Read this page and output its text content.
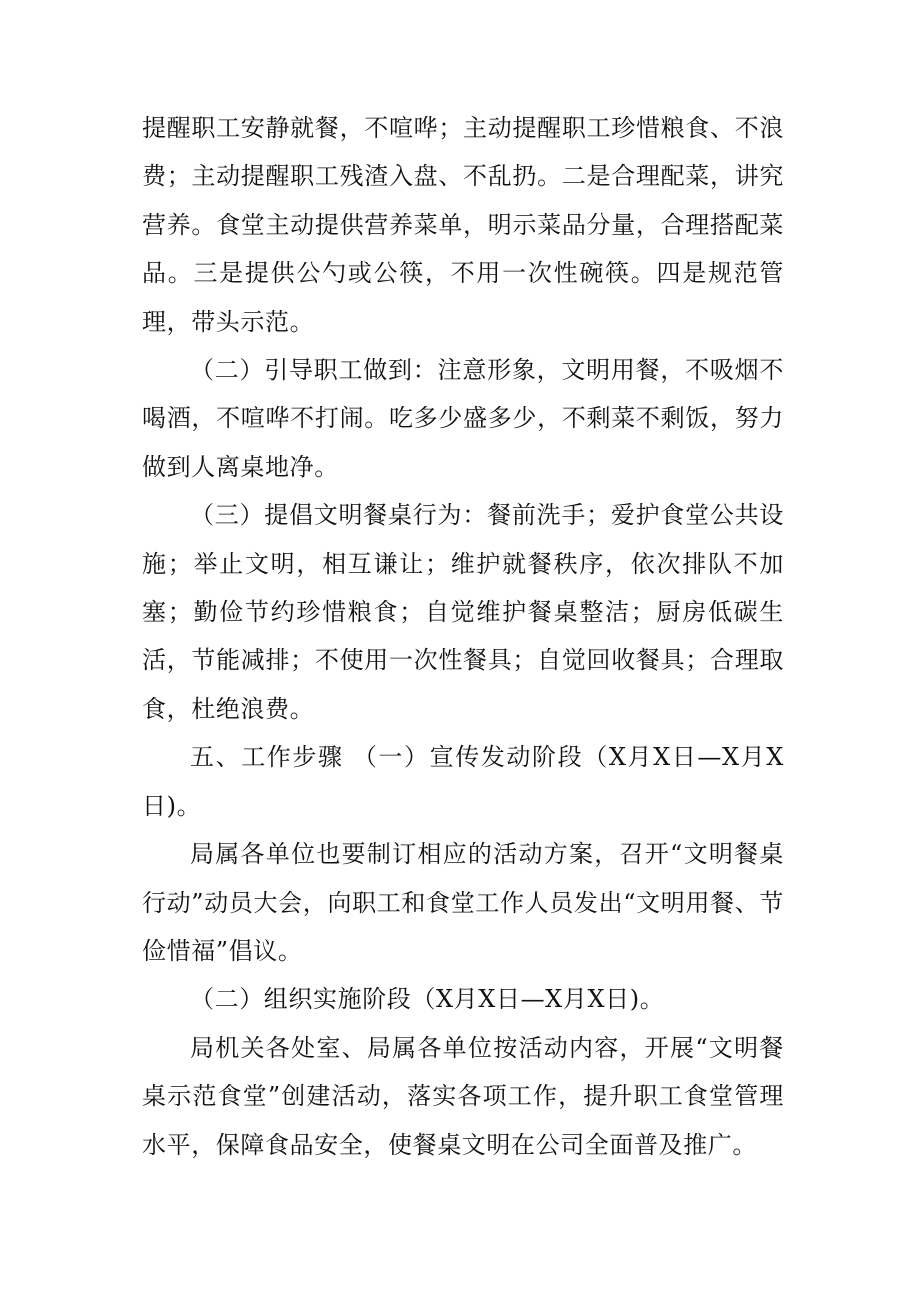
提醒职工安静就餐，不喧哗；主动提醒职工珍惜粮食、不浪费；主动提醒职工残渣入盘、不乱扔。二是合理配菜，讲究营养。食堂主动提供营养菜单，明示菜品分量，合理搭配菜品。三是提供公勺或公筷，不用一次性碗筷。四是规范管理，带头示范。

（二）引导职工做到：注意形象，文明用餐，不吸烟不喝酒，不喧哗不打闹。吃多少盛多少，不剩菜不剩饭，努力做到人离桌地净。

（三）提倡文明餐桌行为：餐前洗手；爱护食堂公共设施；举止文明，相互谦让；维护就餐秩序，依次排队不加塞；勤俭节约珍惜粮食；自觉维护餐桌整洁；厨房低碳生活，节能减排；不使用一次性餐具；自觉回收餐具；合理取食，杜绝浪费。

五、工作步骤 （一）宣传发动阶段（X月X日—X月X日)。

局属各单位也要制订相应的活动方案，召开“文明餐桌行动”动员大会，向职工和食堂工作人员发出“文明用餐、节俭惜福”倡议。

（二）组织实施阶段（X月X日—X月X日)。

局机关各处室、局属各单位按活动内容，开展“文明餐桌示范食堂”创建活动，落实各项工作，提升职工食堂管理水平，保障食品安全，使餐桌文明在公司全面普及推广。
